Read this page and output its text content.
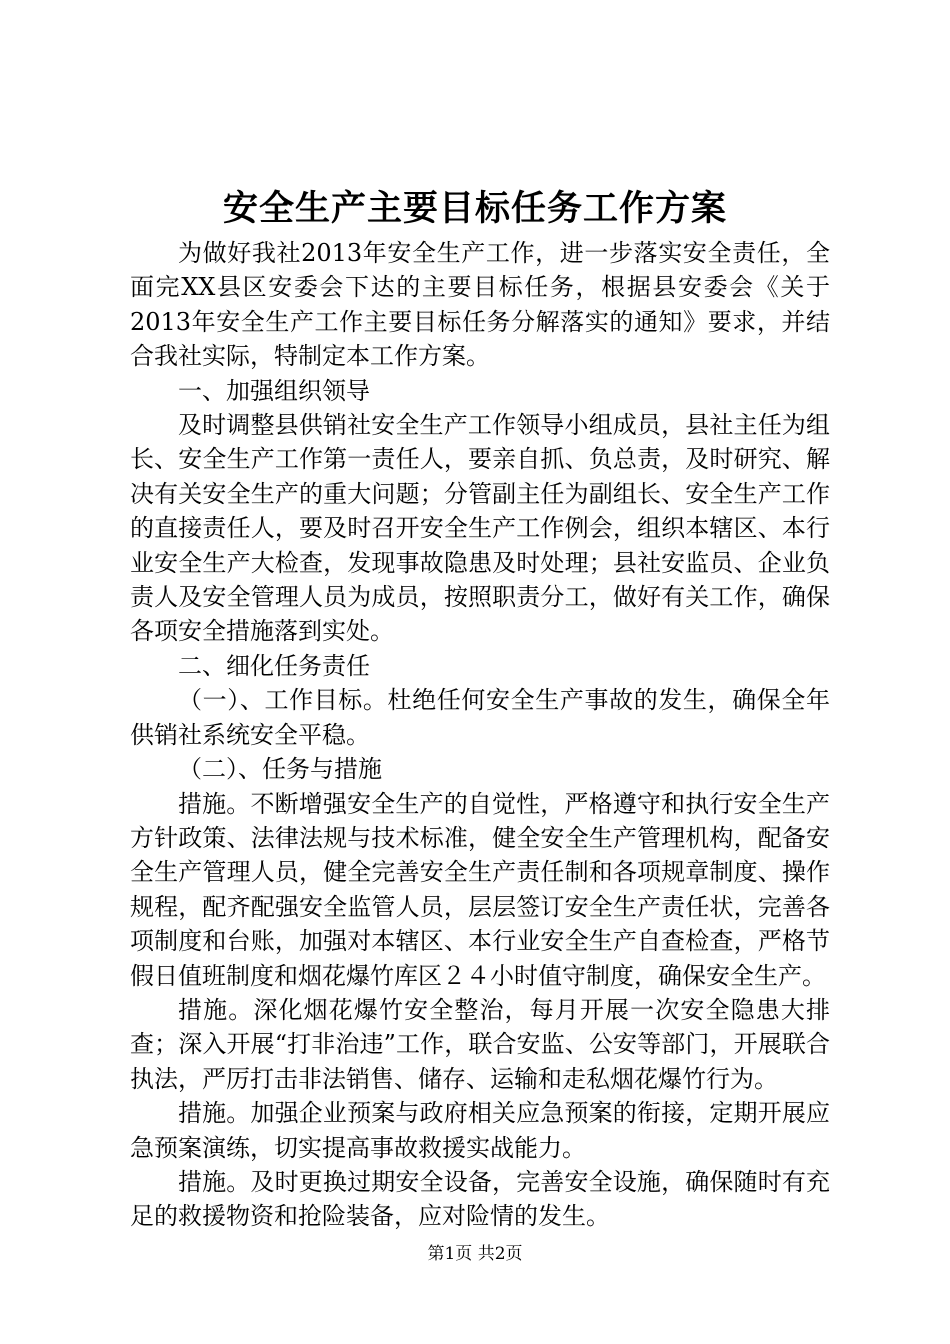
安全生产主要目标任务工作方案

为做好我社2013年安全生产工作，进一步落实安全责任，全面完XX县区安委会下达的主要目标任务，根据县安委会《关于2013年安全生产工作主要目标任务分解落实的通知》要求，并结合我社实际，特制定本工作方案。

一、加强组织领导

及时调整县供销社安全生产工作领导小组成员，县社主任为组长、安全生产工作第一责任人，要亲自抓、负总责，及时研究、解决有关安全生产的重大问题；分管副主任为副组长、安全生产工作的直接责任人，要及时召开安全生产工作例会，组织本辖区、本行业安全生产大检查，发现事故隐患及时处理；县社安监员、企业负责人及安全管理人员为成员，按照职责分工，做好有关工作，确保各项安全措施落到实处。

二、细化任务责任

（一）、工作目标。杜绝任何安全生产事故的发生，确保全年供销社系统安全平稳。

（二）、任务与措施

措施。不断增强安全生产的自觉性，严格遵守和执行安全生产方针政策、法律法规与技术标准，健全安全生产管理机构，配备安全生产管理人员，健全完善安全生产责任制和各项规章制度、操作规程，配齐配强安全监管人员，层层签订安全生产责任状，完善各项制度和台账，加强对本辖区、本行业安全生产自查检查，严格节假日值班制度和烟花爆竹库区２４小时值守制度，确保安全生产。

措施。深化烟花爆竹安全整治，每月开展一次安全隐患大排查；深入开展“打非治违”工作，联合安监、公安等部门，开展联合执法，严厉打击非法销售、储存、运输和走私烟花爆竹行为。

措施。加强企业预案与政府相关应急预案的衔接，定期开展应急预案演练，切实提高事故救援实战能力。

措施。及时更换过期安全设备，完善安全设施，确保随时有充足的救援物资和抢险装备，应对险情的发生。

第1页 共2页
